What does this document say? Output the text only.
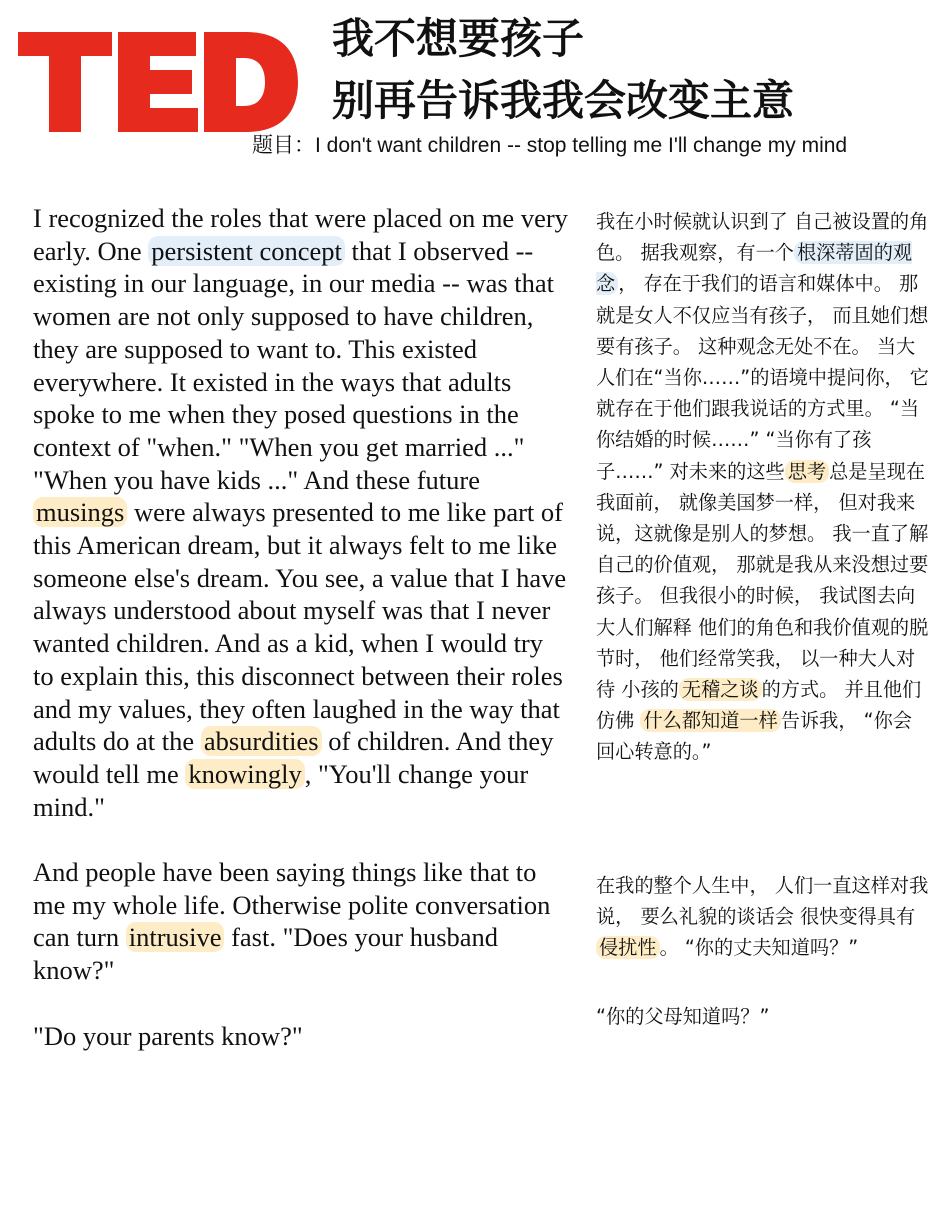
我不想要孩子
别再告诉我我会改变主意
题目：I don't want children -- stop telling me I'll change my mind

I recognized the roles that were placed on me very early. One persistent concept that I observed -- existing in our language, in our media -- was that women are not only supposed to have children, they are supposed to want to. This existed everywhere. It existed in the ways that adults spoke to me when they posed questions in the context of "when." "When you get married ..." "When you have kids ..." And these future musings were always presented to me like part of this American dream, but it always felt to me like someone else's dream. You see, a value that I have always understood about myself was that I never wanted children. And as a kid, when I would try to explain this, this disconnect between their roles and my values, they often laughed in the way that adults do at the absurdities of children. And they would tell me knowingly , "You'll change your mind."

And people have been saying things like that to me my whole life. Otherwise polite conversation can turn intrusive fast. "Does your husband know?"

"Do your parents know?"

我在小时候就认识到了 自己被设置的角色。 据我观察，有一个 根深蒂固的观念 ， 存在于我们的语言和媒体中。 那就是女人不仅应当有孩子， 而且她们想要有孩子。 这种观念无处不在。 当大人们在“当你……”的语境中提问你， 它就存在于他们跟我说话的方式里。 “当你结婚的时候……” “当你有了孩子……” 对未来的这些 思考 总是呈现在我面前， 就像美国梦一样， 但对我来说，这就像是别人的梦想。 我一直了解自己的价值观， 那就是我从来没想过要孩子。 但我很小的时候， 我试图去向大人们解释 他们的角色和我价值观的脱节时， 他们经常笑我， 以一种大人对待 小孩的 无稽之谈 的方式。 并且他们仿佛 什么都知道一样 告诉我， “你会回心转意的。”

在我的整个人生中， 人们一直这样对我说， 要么礼貌的谈话会 很快变得具有侵扰性 。 “你的丈夫知道吗？”

“你的父母知道吗？”
